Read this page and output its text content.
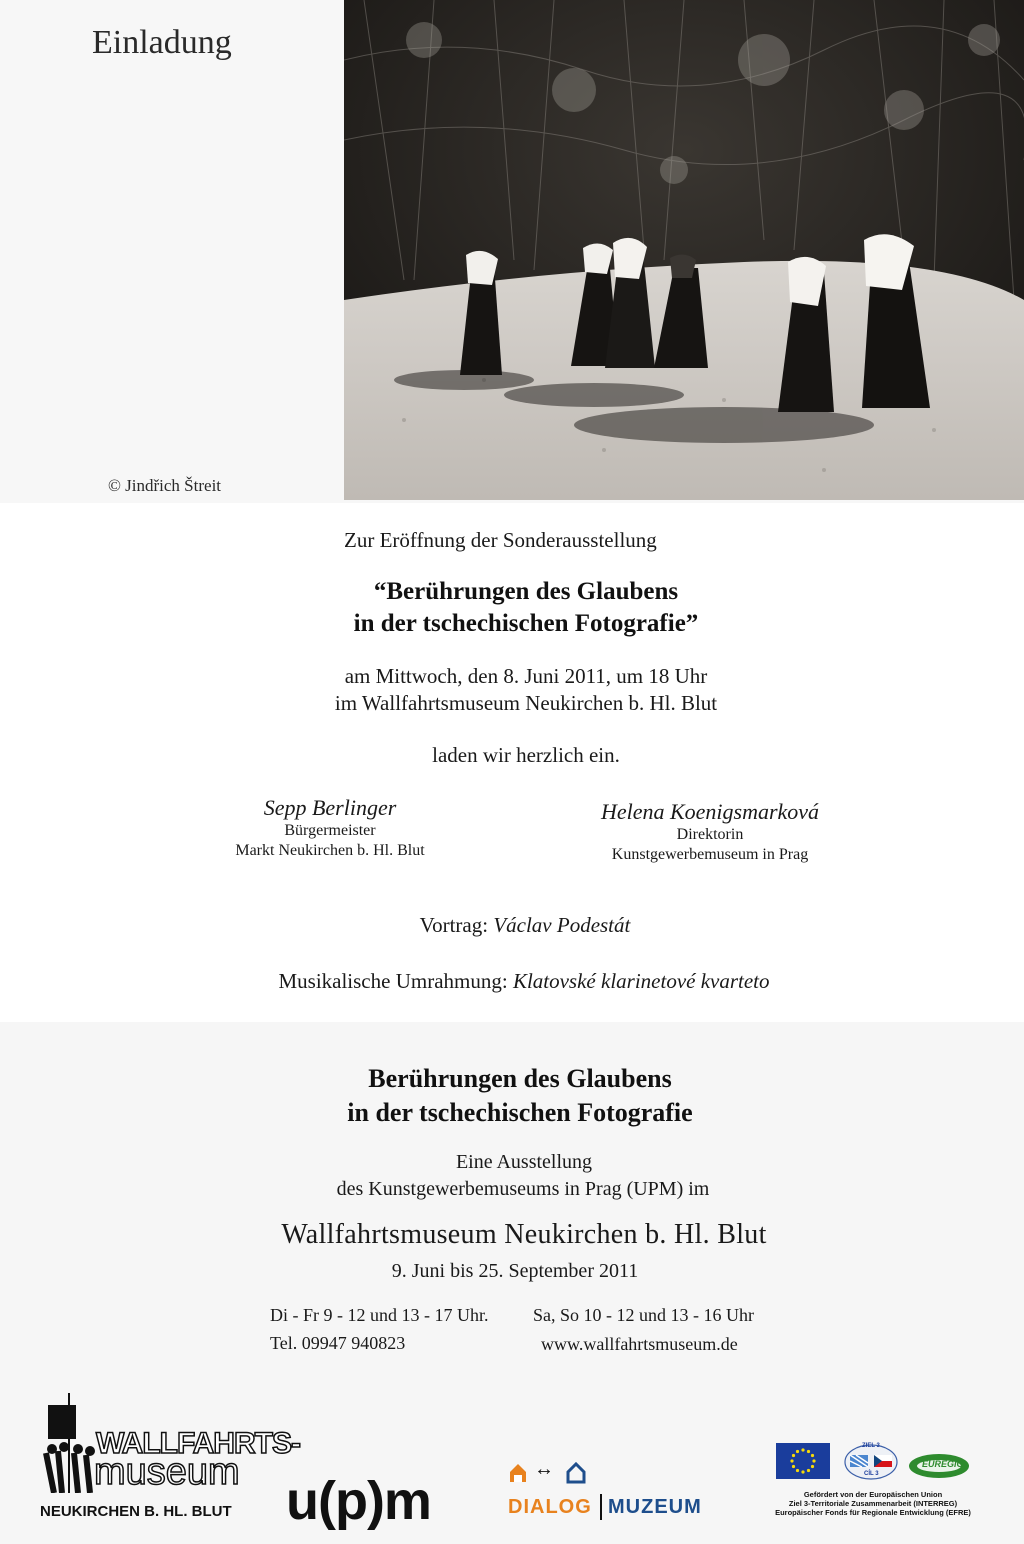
Einladung
© Jindřich Štreit
Zur Eröffnung der Sonderausstellung
“Berührungen des Glaubens
in der tschechischen Fotografie”
am Mittwoch, den 8. Juni 2011, um 18 Uhr
im Wallfahrtsmuseum Neukirchen b. Hl. Blut
laden wir herzlich ein.
Sepp Berlinger
Bürgermeister
Markt Neukirchen b. Hl. Blut
Helena Koenigsmarková
Direktorin
Kunstgewerbemuseum in Prag
Vortrag: Václav Podestát
Musikalische Umrahmung: Klatovské klarinetové kvarteto
Berührungen des Glaubens
in der tschechischen Fotografie
Eine Ausstellung
des Kunstgewerbemuseums in Prag (UPM) im
Wallfahrtsmuseum Neukirchen b. Hl. Blut
9. Juni bis 25. September 2011
Di - Fr 9 - 12 und 13 - 17 Uhr. Sa, So 10 - 12 und 13 - 16 Uhr
Tel. 09947 940823	www.wallfahrtsmuseum.de
WALLFAHRTS-
museum
NEUKIRCHEN B. HL. BLUT u(p)m
↔
DIALOG MUZEUM
ZIEL 3
CÍL 3
EUREGIO
Gefördert von der Europäischen Union
Ziel 3-Territoriale Zusammenarbeit (INTERREG)
Europäischer Fonds für Regionale Entwicklung (EFRE)
